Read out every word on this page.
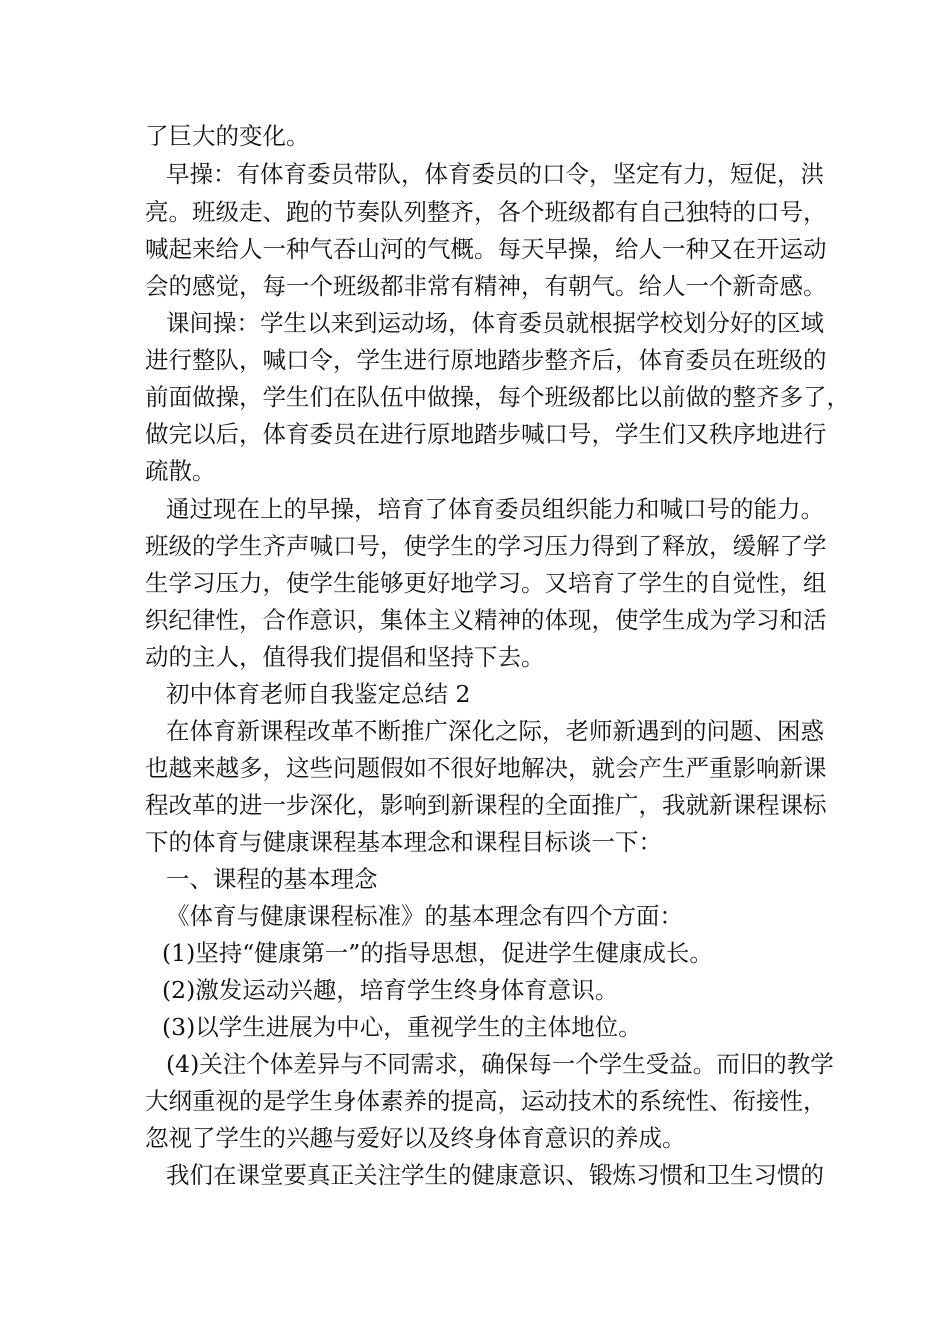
了巨大的变化。
早操：有体育委员带队，体育委员的口令，坚定有力，短促，洪
亮。班级走、跑的节奏队列整齐，各个班级都有自己独特的口号，
喊起来给人一种气吞山河的气概。每天早操，给人一种又在开运动
会的感觉，每一个班级都非常有精神，有朝气。给人一个新奇感。
课间操：学生以来到运动场，体育委员就根据学校划分好的区域
进行整队，喊口令，学生进行原地踏步整齐后，体育委员在班级的
前面做操，学生们在队伍中做操，每个班级都比以前做的整齐多了，
做完以后，体育委员在进行原地踏步喊口号，学生们又秩序地进行
疏散。
通过现在上的早操，培育了体育委员组织能力和喊口号的能力。
班级的学生齐声喊口号，使学生的学习压力得到了释放，缓解了学
生学习压力，使学生能够更好地学习。又培育了学生的自觉性，组
织纪律性，合作意识，集体主义精神的体现，使学生成为学习和活
动的主人，值得我们提倡和坚持下去。
初中体育老师自我鉴定总结 2
在体育新课程改革不断推广深化之际，老师新遇到的问题、困惑
也越来越多，这些问题假如不很好地解决，就会产生严重影响新课
程改革的进一步深化，影响到新课程的全面推广，我就新课程课标
下的体育与健康课程基本理念和课程目标谈一下：
一、课程的基本理念
《体育与健康课程标准》的基本理念有四个方面：
(1)坚持“健康第一”的指导思想，促进学生健康成长。
(2)激发运动兴趣，培育学生终身体育意识。
(3)以学生进展为中心，重视学生的主体地位。
(4)关注个体差异与不同需求，确保每一个学生受益。而旧的教学
大纲重视的是学生身体素养的提高，运动技术的系统性、衔接性，
忽视了学生的兴趣与爱好以及终身体育意识的养成。
我们在课堂要真正关注学生的健康意识、锻炼习惯和卫生习惯的
